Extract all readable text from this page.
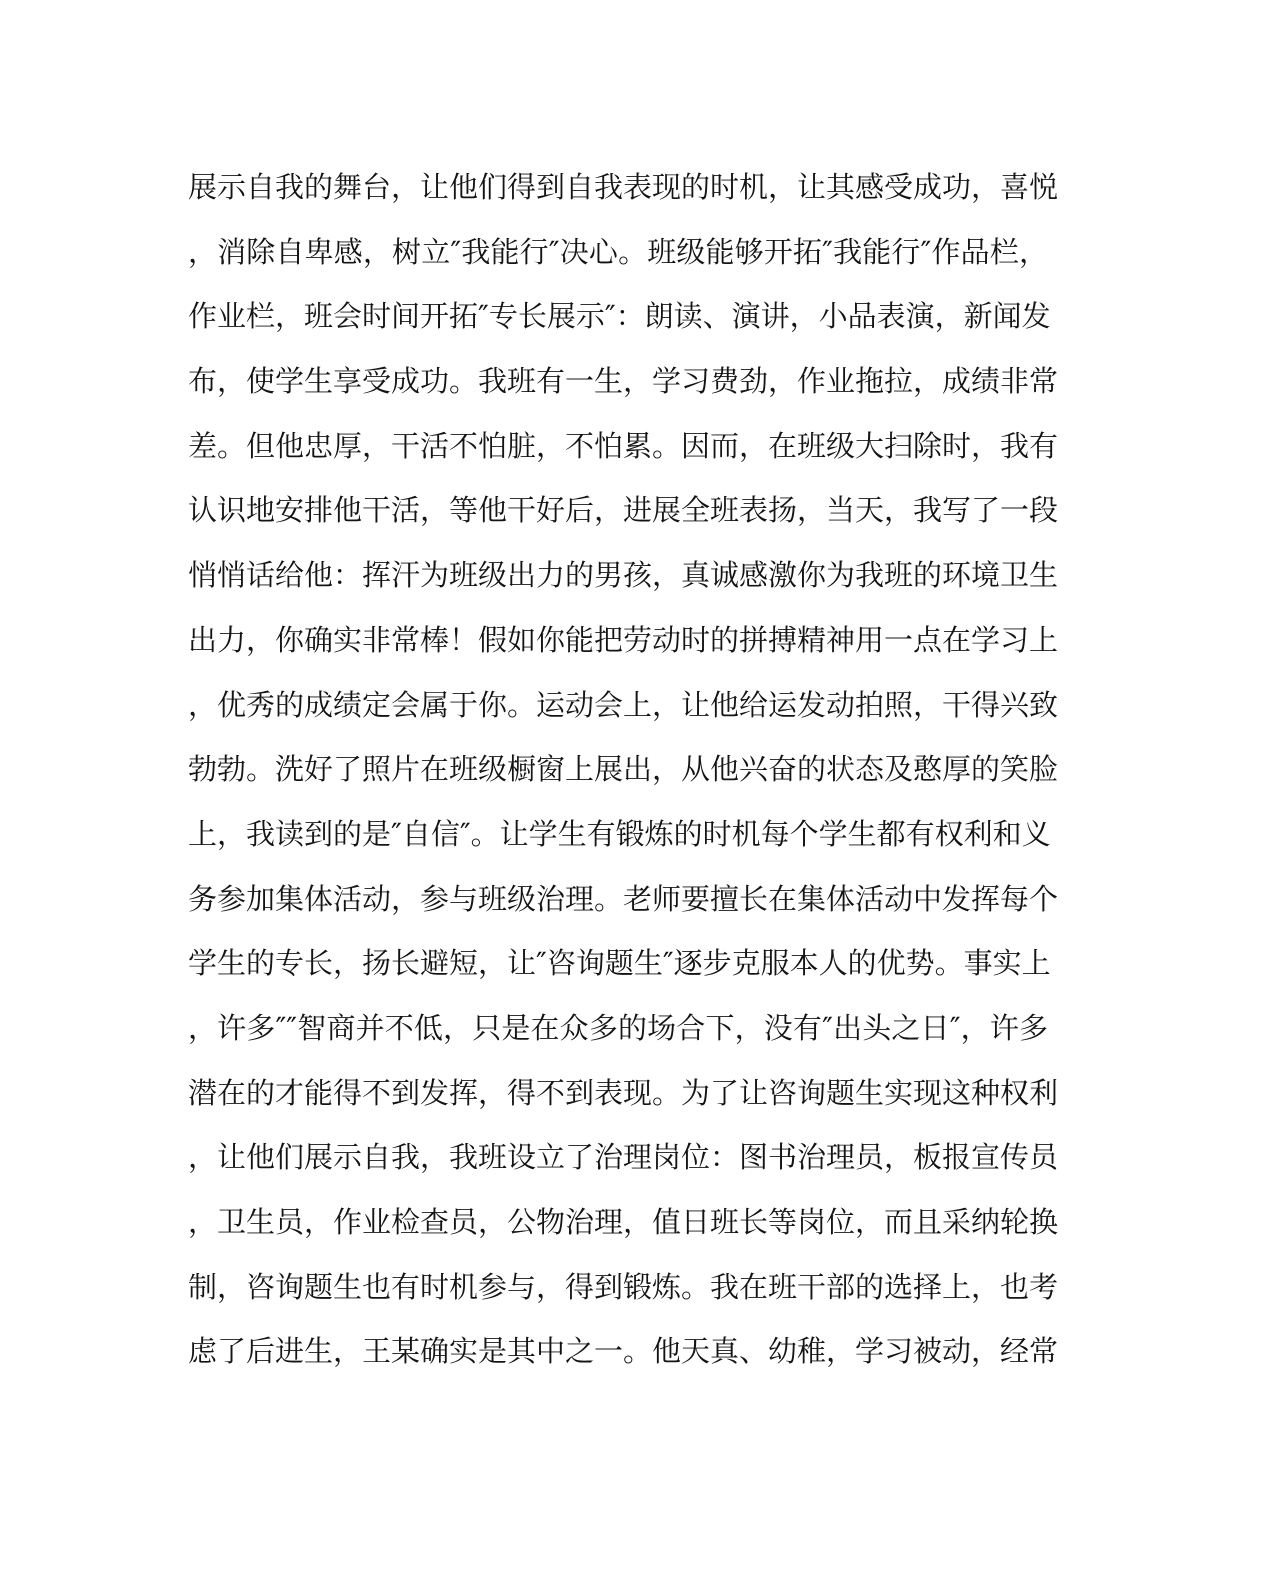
展示自我的舞台，让他们得到自我表现的时机，让其感受成功，喜悦
，消除自卑感，树立″我能行″决心。班级能够开拓″我能行″作品栏，
作业栏，班会时间开拓″专长展示″：朗读、演讲，小品表演，新闻发
布，使学生享受成功。我班有一生，学习费劲，作业拖拉，成绩非常
差。但他忠厚，干活不怕脏，不怕累。因而，在班级大扫除时，我有
认识地安排他干活，等他干好后，进展全班表扬，当天，我写了一段
悄悄话给他：挥汗为班级出力的男孩，真诚感激你为我班的环境卫生
出力，你确实非常棒！假如你能把劳动时的拼搏精神用一点在学习上
，优秀的成绩定会属于你。运动会上，让他给运发动拍照，干得兴致
勃勃。洗好了照片在班级橱窗上展出，从他兴奋的状态及憨厚的笑脸
上，我读到的是″自信″。让学生有锻炼的时机每个学生都有权利和义
务参加集体活动，参与班级治理。老师要擅长在集体活动中发挥每个
学生的专长，扬长避短，让″咨询题生″逐步克服本人的优势。事实上
，许多″″智商并不低，只是在众多的场合下，没有″出头之日″，许多
潜在的才能得不到发挥，得不到表现。为了让咨询题生实现这种权利
，让他们展示自我，我班设立了治理岗位：图书治理员，板报宣传员
，卫生员，作业检查员，公物治理，值日班长等岗位，而且采纳轮换
制，咨询题生也有时机参与，得到锻炼。我在班干部的选择上，也考
虑了后进生，王某确实是其中之一。他天真、幼稚，学习被动，经常
